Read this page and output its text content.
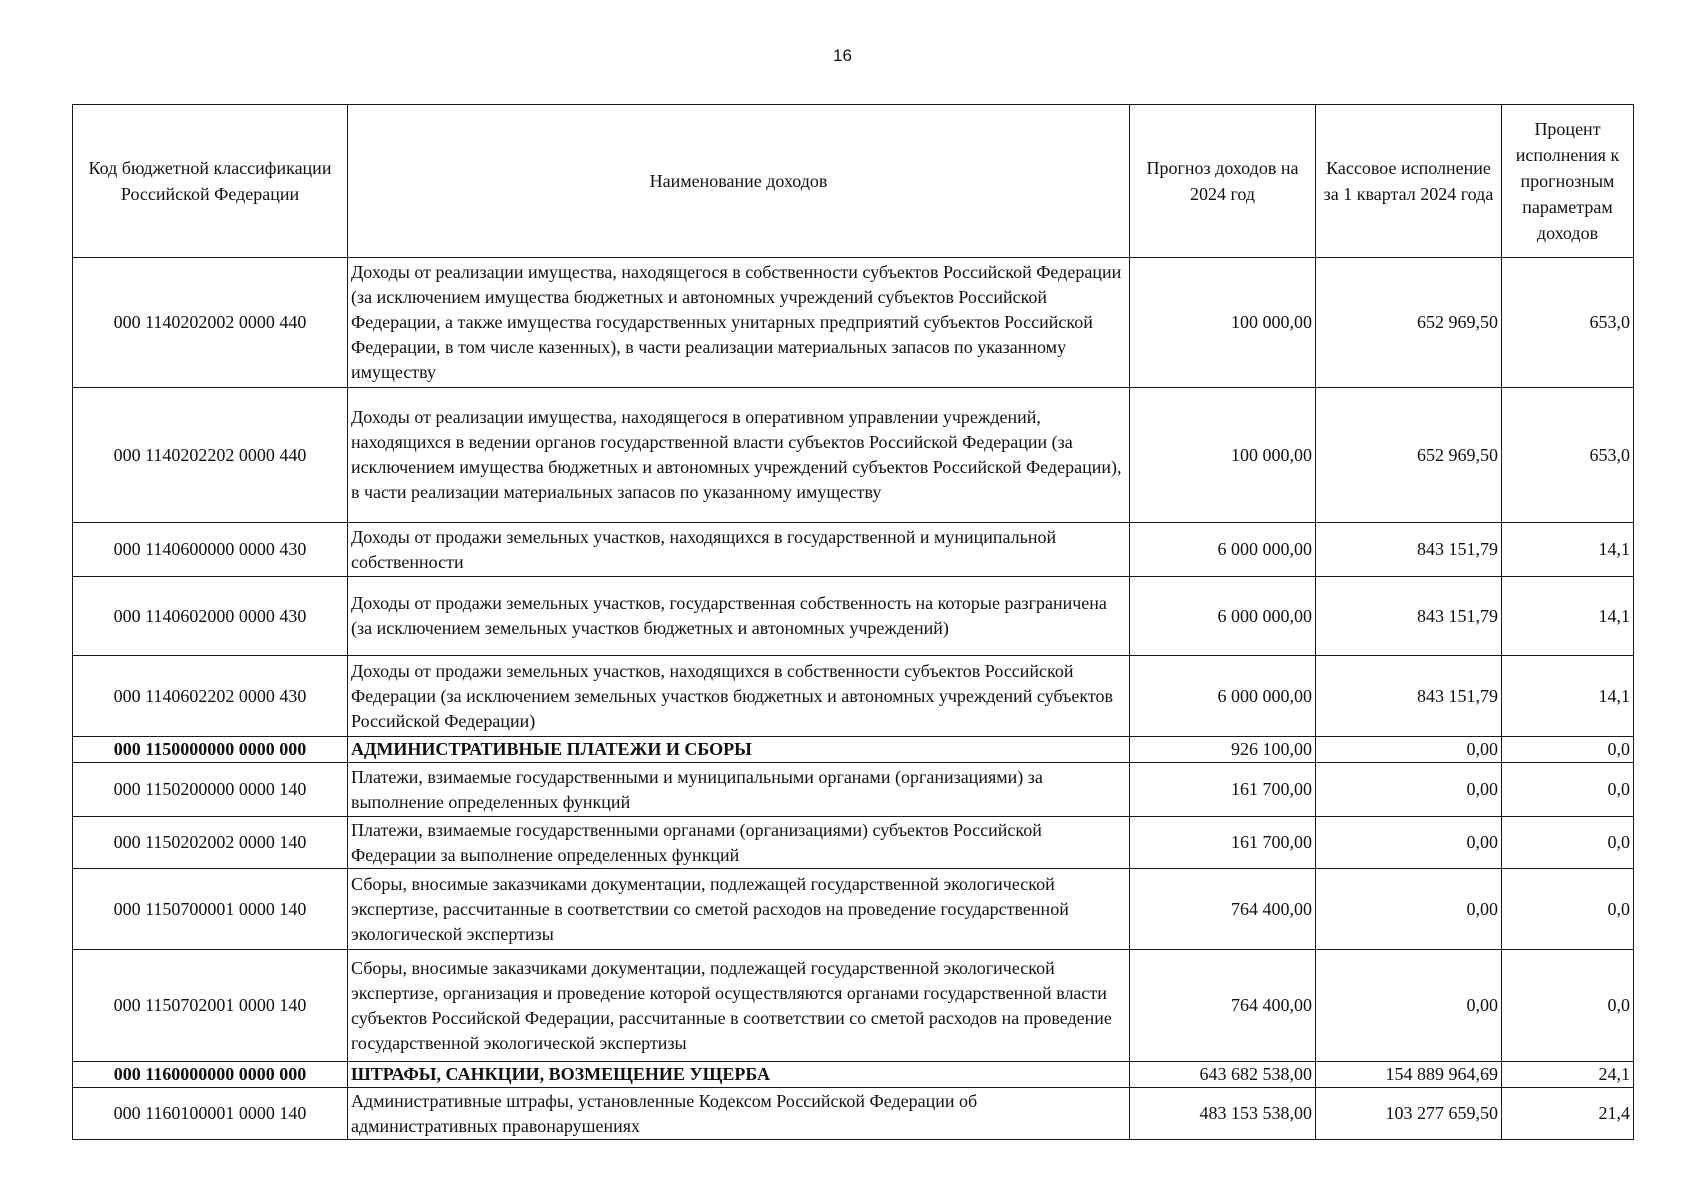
16
Код бюджетной классификации Российской Федерации	Наименование доходов	Прогноз доходов на 2024 год	Кассовое исполнение за 1 квартал 2024 года	Процент исполнения к прогнозным параметрам доходов
000 1140202002 0000 440	Доходы от реализации имущества, находящегося в собственности субъектов Российской Федерации (за исключением имущества бюджетных и автономных учреждений субъектов Российской Федерации, а также имущества государственных унитарных предприятий субъектов Российской Федерации, в том числе казенных), в части реализации материальных запасов по указанному имуществу	100 000,00	652 969,50	653,0
000 1140202202 0000 440	Доходы от реализации имущества, находящегося в оперативном управлении учреждений, находящихся в ведении органов государственной власти субъектов Российской Федерации (за исключением имущества бюджетных и автономных учреждений субъектов Российской Федерации), в части реализации материальных запасов по указанному имуществу	100 000,00	652 969,50	653,0
000 1140600000 0000 430	Доходы от продажи земельных участков, находящихся в государственной и муниципальной собственности	6 000 000,00	843 151,79	14,1
000 1140602000 0000 430	Доходы от продажи земельных участков, государственная собственность на которые разграничена (за исключением земельных участков бюджетных и автономных учреждений)	6 000 000,00	843 151,79	14,1
000 1140602202 0000 430	Доходы от продажи земельных участков, находящихся в собственности субъектов Российской Федерации (за исключением земельных участков бюджетных и автономных учреждений субъектов Российской Федерации)	6 000 000,00	843 151,79	14,1
000 1150000000 0000 000	АДМИНИСТРАТИВНЫЕ ПЛАТЕЖИ И СБОРЫ	926 100,00	0,00	0,0
000 1150200000 0000 140	Платежи, взимаемые государственными и муниципальными органами (организациями) за выполнение определенных функций	161 700,00	0,00	0,0
000 1150202002 0000 140	Платежи, взимаемые государственными органами (организациями) субъектов Российской Федерации за выполнение определенных функций	161 700,00	0,00	0,0
000 1150700001 0000 140	Сборы, вносимые заказчиками документации, подлежащей государственной экологической экспертизе, рассчитанные в соответствии со сметой расходов на проведение государственной экологической экспертизы	764 400,00	0,00	0,0
000 1150702001 0000 140	Сборы, вносимые заказчиками документации, подлежащей государственной экологической экспертизе, организация и проведение которой осуществляются органами государственной власти субъектов Российской Федерации, рассчитанные в соответствии со сметой расходов на проведение государственной экологической экспертизы	764 400,00	0,00	0,0
000 1160000000 0000 000	ШТРАФЫ, САНКЦИИ, ВОЗМЕЩЕНИЕ УЩЕРБА	643 682 538,00	154 889 964,69	24,1
000 1160100001 0000 140	Административные штрафы, установленные Кодексом Российской Федерации об административных правонарушениях	483 153 538,00	103 277 659,50	21,4
